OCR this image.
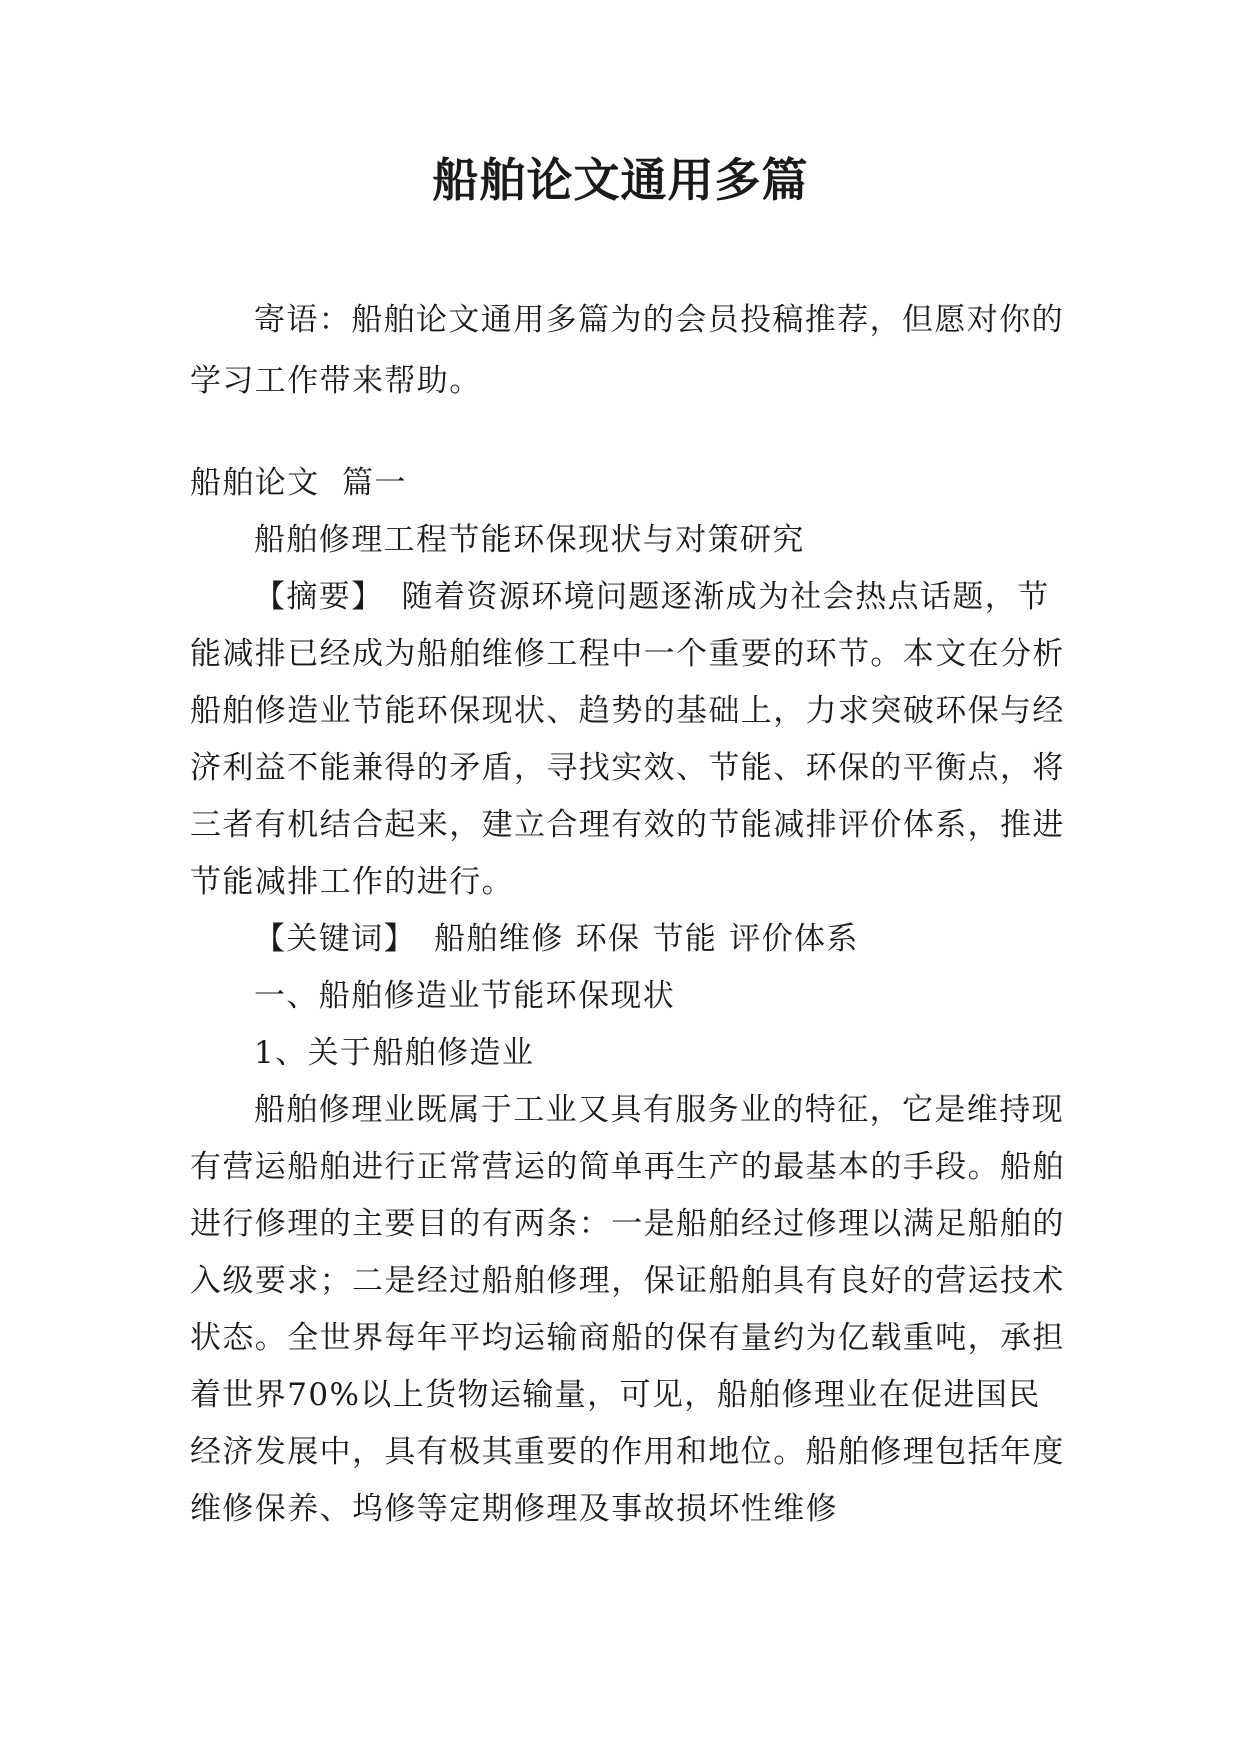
船舶论文通用多篇

寄语：船舶论文通用多篇为的会员投稿推荐，但愿对你的学习工作带来帮助。

船舶论文  篇一

船舶修理工程节能环保现状与对策研究

【摘要】 随着资源环境问题逐渐成为社会热点话题，节能减排已经成为船舶维修工程中一个重要的环节。本文在分析船舶修造业节能环保现状、趋势的基础上，力求突破环保与经济利益不能兼得的矛盾，寻找实效、节能、环保的平衡点，将三者有机结合起来，建立合理有效的节能减排评价体系，推进节能减排工作的进行。

【关键词】 船舶维修 环保 节能 评价体系

一、船舶修造业节能环保现状

1、关于船舶修造业

船舶修理业既属于工业又具有服务业的特征，它是维持现有营运船舶进行正常营运的简单再生产的最基本的手段。船舶进行修理的主要目的有两条：一是船舶经过修理以满足船舶的入级要求；二是经过船舶修理，保证船舶具有良好的营运技术状态。全世界每年平均运输商船的保有量约为亿载重吨，承担着世界70%以上货物运输量，可见，船舶修理业在促进国民经济发展中，具有极其重要的作用和地位。船舶修理包括年度维修保养、坞修等定期修理及事故损坏性维修
